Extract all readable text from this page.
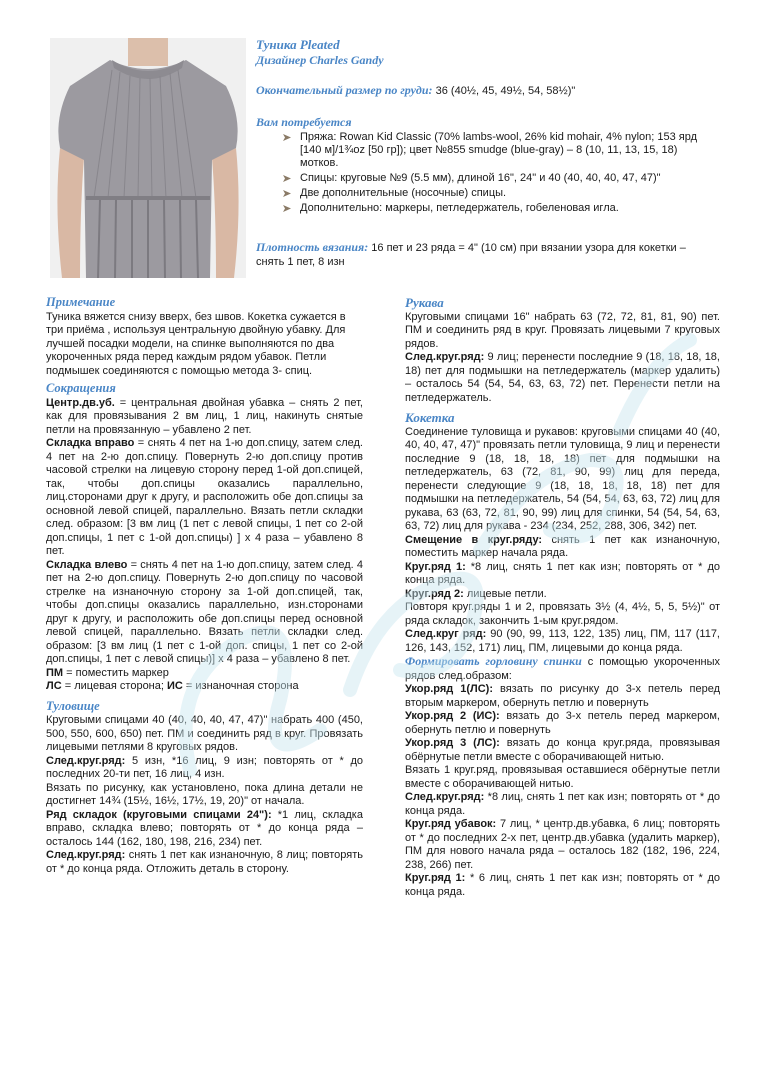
Туника Pleated
Дизайнер Charles Gandy
Окончательный размер по груди: 36 (40½, 45, 49½, 54, 58½)"
Вам потребуется
Пряжа: Rowan Kid Classic (70% lambs-wool, 26% kid mohair, 4% nylon; 153 ярд [140 м]/1¾oz [50 гр]); цвет №855 smudge (blue-gray) – 8 (10, 11, 13, 15, 18) мотков.
Спицы: круговые №9 (5.5 мм), длиной 16", 24" и 40 (40, 40, 40, 47, 47)"
Две дополнительные (носочные) спицы.
Дополнительно: маркеры, петледержатель, гобеленовая игла.
Плотность вязания: 16 пет и 23 ряда = 4" (10 см) при вязании узора для кокетки – снять 1 пет, 8 изн
Примечание

Туника вяжется снизу вверх, без швов. Кокетка сужается в три приёма , используя центральную двойную убавку. Для лучшей посадки модели, на спинке выполняются по два укороченных ряда перед каждым рядом убавок. Петли подмышек соединяются с помощью метода 3- спиц.

Сокращения

Центр.дв.уб. = центральная двойная убавка – снять 2 пет, как для провязывания 2 вм лиц, 1 лиц, накинуть снятые петли на провязанную – убавлено 2 пет.

Складка вправо = снять 4 пет на 1-ю доп.спицу, затем след. 4 пет на 2-ю доп.спицу. Повернуть 2-ю доп.спицу против часовой стрелки на лицевую сторону перед 1-ой доп.спицей, так, чтобы доп.спицы оказались параллельно, лиц.сторонами друг к другу, и расположить обе доп.спицы за основной левой спицей, параллельно. Вязать петли складки след. образом: [3 вм лиц (1 пет с левой спицы, 1 пет со 2-ой доп.спицы, 1 пет с 1-ой доп.спицы) ] x 4 раза – убавлено 8 пет.

Складка влево = снять 4 пет на 1-ю доп.спицу, затем след. 4 пет на 2-ю доп.спицу. Повернуть 2-ю доп.спицу по часовой стрелке на изнаночную сторону за 1-ой доп.спицей, так, чтобы доп.спицы оказались параллельно, изн.сторонами друг к другу, и расположить обе доп.спицы перед основной левой спицей, параллельно. Вязать петли складки след. образом: [3 вм лиц (1 пет с 1-ой доп. спицы, 1 пет со 2-ой доп.спицы, 1 пет с левой спицы)] x 4 раза – убавлено 8 пет.

ПМ = поместить маркер

ЛС = лицевая сторона; ИС = изнаночная сторона

Туловище

Круговыми спицами 40 (40, 40, 40, 47, 47)" набрать 400 (450, 500, 550, 600, 650) пет. ПМ и соединить ряд в круг. Провязать лицевыми петлями 8 круговых рядов.

След.круг.ряд: 5 изн, *16 лиц, 9 изн; повторять от * до последних 20-ти пет, 16 лиц, 4 изн.

Вязать по рисунку, как установлено, пока длина детали не достигнет 14¾ (15½, 16½, 17½, 19, 20)" от начала.

Ряд складок (круговыми спицами 24"): *1 лиц, складка вправо, складка влево; повторять от * до конца ряда – осталось 144 (162, 180, 198, 216, 234) пет.

След.круг.ряд: снять 1 пет как изнаночную, 8 лиц; повторять от * до конца ряда. Отложить деталь в сторону.

Рукава

Круговыми спицами 16" набрать 63 (72, 72, 81, 81, 90) пет. ПМ и соединить ряд в круг. Провязать лицевыми 7 круговых рядов.

След.круг.ряд: 9 лиц; перенести последние 9 (18, 18, 18, 18, 18) пет для подмышки на петледержатель (маркер удалить) – осталось 54 (54, 54, 63, 63, 72) пет. Перенести петли на петледержатель.

Кокетка

Соединение туловища и рукавов: круговыми спицами 40 (40, 40, 40, 47, 47)" провязать петли туловища, 9 лиц и перенести последние 9 (18, 18, 18, 18) пет для подмышки на петледержатель, 63 (72, 81, 90, 99) лиц для переда, перенести следующие 9 (18, 18, 18, 18, 18) пет для подмышки на петледержатель, 54 (54, 54, 63, 63, 72) лиц для рукава, 63 (63, 72, 81, 90, 99) лиц для спинки, 54 (54, 54, 63, 63, 72) лиц для рукава - 234 (234, 252, 288, 306, 342) пет.

Смещение в круг.ряду: снять 1 пет как изнаночную, поместить маркер начала ряда.

Круг.ряд 1: *8 лиц, снять 1 пет как изн; повторять от * до конца ряда.

Круг.ряд 2: лицевые петли.

Повторя круг.ряды 1 и 2, провязать 3½ (4, 4½, 5, 5, 5½)" от ряда складок, закончить 1-ым круг.рядом.

След.круг ряд: 90 (90, 99, 113, 122, 135) лиц, ПМ, 117 (117, 126, 143, 152, 171) лиц, ПМ, лицевыми до конца ряда.

Формировать горловину спинки с помощью укороченных рядов след.образом:

Укор.ряд 1(ЛС): вязать по рисунку до 3-х петель перед вторым маркером, обернуть петлю и повернуть

Укор.ряд 2 (ИС): вязать до 3-х петель перед маркером, обернуть петлю и повернуть

Укор.ряд 3 (ЛС): вязать до конца круг.ряда, провязывая обёрнутые петли вместе с оборачивающей нитью.

Вязать 1 круг.ряд, провязывая оставшиеся обёрнутые петли вместе с оборачивающей нитью.

След.круг.ряд: *8 лиц, снять 1 пет как изн; повторять от * до конца ряда.

Круг.ряд убавок: 7 лиц, * центр.дв.убавка, 6 лиц; повторять от * до последних 2-х пет, центр.дв.убавка (удалить маркер), ПМ для нового начала ряда – осталось 182 (182, 196, 224, 238, 266) пет.

Круг.ряд 1: * 6 лиц, снять 1 пет как изн; повторять от * до конца ряда.
